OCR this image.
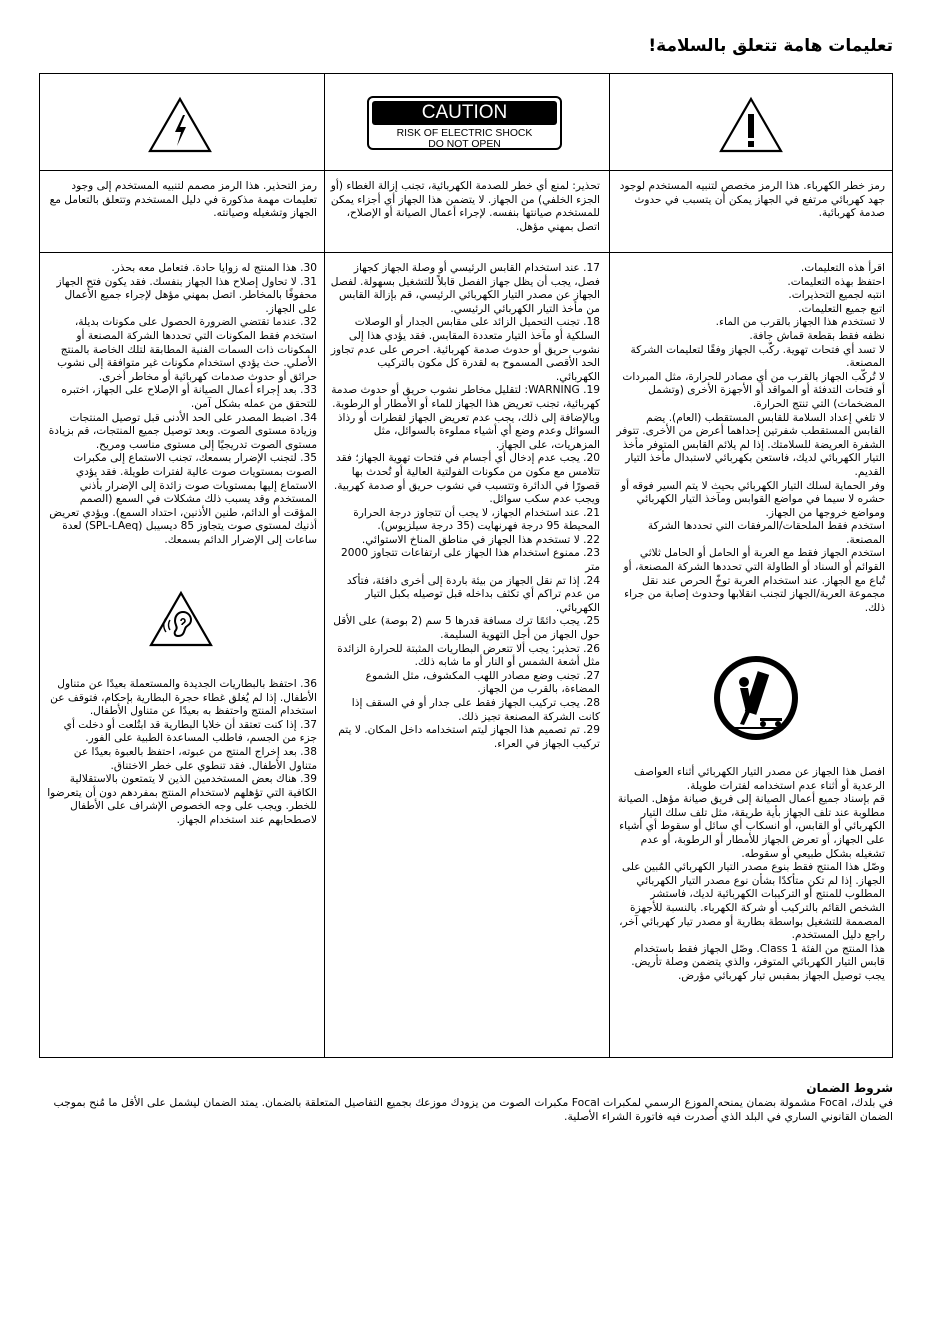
تعليمات هامة تتعلق بالسلامة!
CAUTION
RISK OF ELECTRIC SHOCK
DO NOT OPEN

رمز خطر الكهرباء. هذا الرمز مخصص لتنبيه المستخدم لوجود جهد كهربائي مرتفع في الجهاز يمكن أن يتسبب في حدوث صدمة كهربائية.

تحذير: لمنع أي خطر للصدمة الكهربائية، تجنب إزالة الغطاء (أو الجزء الخلفي) من الجهاز. لا يتضمن هذا الجهاز أي أجزاء يمكن للمستخدم صيانتها بنفسه. لإجراء أعمال الصيانة أو الإصلاح، اتصل بمهني مؤهل.

رمز التحذير. هذا الرمز مصمم لتنبيه المستخدم إلى وجود تعليمات مهمة مذكورة في دليل المستخدم وتتعلق بالتعامل مع الجهاز وتشغيله وصيانته.

اقرأ هذه التعليمات.

احتفظ بهذه التعليمات.

انتبه لجميع التحذيرات.

اتبع جميع التعليمات.

لا تستخدم هذا الجهاز بالقرب من الماء.

نظفه فقط بقطعة قماش جافة.

لا تسد أي فتحات تهوية. ركّب الجهاز وفقًا لتعليمات الشركة المصنعة.

لا تُركّب الجهاز بالقرب من أي مصادر للحرارة، مثل المبردات أو فتحات التدفئة أو المواقد أو الأجهزة الأخرى (وتشمل المضخمات) التي تنتج الحرارة.

لا تلغي إعداد السلامة للقابس المستقطب (العام). يضم القابس المستقطب شفرتين إحداهما أعرض من الأخرى. تتوفر الشفرة العريضة للسلامتك. إذا لم يلائم القابس المتوفر مأخذ التيار الكهربائي لديك، فاستعن بكهربائي لاستبدال مأخذ التيار القديم.

وفر الحماية لسلك التيار الكهربائي بحيث لا يتم السير فوقه أو حشره لا سيما في مواضع القوابس ومآخذ التيار الكهربائي ومواضع خروجها من الجهاز.

استخدم فقط الملحقات/المرفقات التي تحددها الشركة المصنعة.

استخدم الجهاز فقط مع العربة أو الحامل أو الحامل ثلاثي القوائم أو السناد أو الطاولة التي تحددها الشركة المصنعة، أو تُباع مع الجهاز. عند استخدام العربة توخّ الحرص عند نقل مجموعة العربة/الجهاز لتجنب انقلابها وحدوث إصابة من جراء ذلك.

افصل هذا الجهاز عن مصدر التيار الكهربائي أثناء العواصف الرعدية أو أثناء عدم استخدامه لفترات طويلة.

قم بإسناد جميع أعمال الصيانة إلى فريق صيانة مؤهل. الصيانة مطلوبة عند تلف الجهاز بأية طريقة، مثل تلف سلك التيار الكهربائي أو القابس، أو انسكاب أي سائل أو سقوط أي أشياء على الجهاز، أو تعرض الجهاز للأمطار أو الرطوبة، أو عدم تشغيله بشكل طبيعي أو سقوطه.

وصّل هذا المنتج فقط بنوع مصدر التيار الكهربائي المُبين على الجهاز. إذا لم تكن متأكدًا بشأن نوع مصدر التيار الكهربائي المطلوب للمنتج أو التركيبات الكهربائية لديك، فاستشر الشخص القائم بالتركيب أو شركة الكهرباء. بالنسبة للأجهزة المصممة للتشغيل بواسطة بطارية أو مصدر تيار كهربائي آخر، راجع دليل المستخدم.

هذا المنتج من الفئة Class 1. وصّل الجهاز فقط باستخدام قابس التيار الكهربائي المتوفر، والذي يتضمن وصلة تأريض. يجب توصيل الجهاز بمقبس تيار كهربائي مؤرض.

17. عند استخدام القابس الرئيسي أو وصلة الجهاز كجهاز فصل، يجب أن يظل جهاز الفصل قابلاً للتشغيل بسهولة. لفصل الجهاز عن مصدر التيار الكهربائي الرئيسي، قم بإزالة القابس من مأخذ التيار الكهربائي الرئيسي.

18. تجنب التحميل الزائد على مقابس الجدار أو الوصلات السلكية أو مآخذ التيار متعددة المقابس. فقد يؤدي هذا إلى نشوب حريق أو حدوث صدمة كهربائية. احرص على عدم تجاوز الحد الأقصى المسموح به لقدرة كل مكون بالتركيب الكهربائي.

19. WARNING: لتقليل مخاطر نشوب حريق أو حدوث صدمة كهربائية، تجنب تعريض هذا الجهاز للماء أو الأمطار أو الرطوبة. وبالإضافة إلى ذلك، يجب عدم تعريض الجهاز لقطرات أو رذاذ السوائل وعدم وضع أي أشياء مملوءة بالسوائل، مثل المزهريات، على الجهاز.

20. يجب عدم إدخال أي أجسام في فتحات تهوية الجهاز؛ فقد تتلامس مع مكون من مكونات الفولتية العالية أو تُحدث بها قصورًا في الدائرة وتتسبب في نشوب حريق أو صدمة كهربية. ويجب عدم سكب سوائل.

21. عند استخدام الجهاز، لا يجب أن تتجاوز درجة الحرارة المحيطة 95 درجة فهرنهايت (35 درجة سيلزيوس).

22. لا تستخدم هذا الجهاز في مناطق المناخ الاستوائي.

23. ممنوع استخدام هذا الجهاز على ارتفاعات تتجاوز 2000 متر

24. إذا تم نقل الجهاز من بيئة باردة إلى أخرى دافئة، فتأكد من عدم تراكم أي تكثف بداخله قبل توصيله بكبل التيار الكهربائي.

25. يجب دائمًا ترك مسافة قدرها 5 سم (2 بوصة) على الأقل حول الجهاز من أجل التهوية السليمة.

26. تحذير: يجب ألا تتعرض البطاريات المثبتة للحرارة الزائدة مثل أشعة الشمس أو النار أو ما شابه ذلك.

27. تجنب وضع مصادر اللهب المكشوف، مثل الشموع المضاءة، بالقرب من الجهاز.

28. يجب تركيب الجهاز فقط على جدار أو في السقف إذا كانت الشركة المصنعة تجيز ذلك.

29. تم تصميم هذا الجهاز ليتم استخدامه داخل المكان. لا يتم تركيب الجهاز في العراء.

30. هذا المنتج له زوايا حادة. فتعامل معه بحذر.

31. لا تحاول إصلاح هذا الجهاز بنفسك. فقد يكون فتح الجهاز محفوفًا بالمخاطر. اتصل بمهني مؤهل لإجراء جميع الأعمال على الجهاز.

32. عندما تقتضي الضرورة الحصول على مكونات بديلة، استخدم فقط المكونات التي تحددها الشركة المصنعة أو المكونات ذات السمات الفنية المطابقة لتلك الخاصة بالمنتج الأصلي. حث يؤدي استخدام مكونات غير متوافقة إلى نشوب حرائق أو حدوث صدمات كهربائية أو مخاطر أخرى.

33. بعد إجراء أعمال الصيانة أو الإصلاح على الجهاز، اختبره للتحقق من عمله بشكل آمن.

34. اضبط المصدر على الحد الأدنى قبل توصيل المنتجات وزيادة مستوى الصوت. وبعد توصيل جميع المنتجات، قم بزيادة مستوى الصوت تدريجيًا إلى مستوى مناسب ومريح.

35. لتجنب الإضرار بسمعك، تجنب الاستماع إلى مكبرات الصوت بمستويات صوت عالية لفترات طويلة. فقد يؤدي الاستماع إليها بمستويات صوت زائدة إلى الإضرار بأذني المستخدم وقد يسبب ذلك مشكلات في السمع (الصمم المؤقت أو الدائم، طنين الأذنين، احتداد السمع). ويؤدي تعريض أذنيك لمستوى صوت يتجاوز 85 ديسيبل (SPL-LAeq) لعدة ساعات إلى الإضرار الدائم بسمعك.

36. احتفظ بالبطاريات الجديدة والمستعملة بعيدًا عن متناول الأطفال. إذا لم يُغلق غطاء حجرة البطارية بإحكام، فتوقف عن استخدام المنتج واحتفظ به بعيدًا عن متناول الأطفال.

37. إذا كنت تعتقد أن خلايا البطارية قد ابتُلعت أو دخلت أي جزء من الجسم، فاطلب المساعدة الطبية على الفور.

38. بعد إخراج المنتج من عبوته، احتفظ بالعبوة بعيدًا عن متناول الأطفال. فقد تنطوي على خطر الاختناق.

39. هناك بعض المستخدمين الذين لا يتمتعون بالاستقلالية الكافية التي تؤهلهم لاستخدام المنتج بمفردهم دون أن يتعرضوا للخطر. ويجب على وجه الخصوص الإشراف على الأطفال لاصطحابهم عند استخدام الجهاز.

شروط الضمان
في بلدك، Focal مشمولة بضمان يمنحه الموزع الرسمي لمكبرات Focal مكبرات الصوت من يزودك موزعك بجميع التفاصيل المتعلقة بالضمان. يمتد الضمان ليشمل على الأقل ما مُنح بموجب الضمان القانوني الساري في البلد الذي أُصدرت فيه فاتورة الشراء الأصلية.
